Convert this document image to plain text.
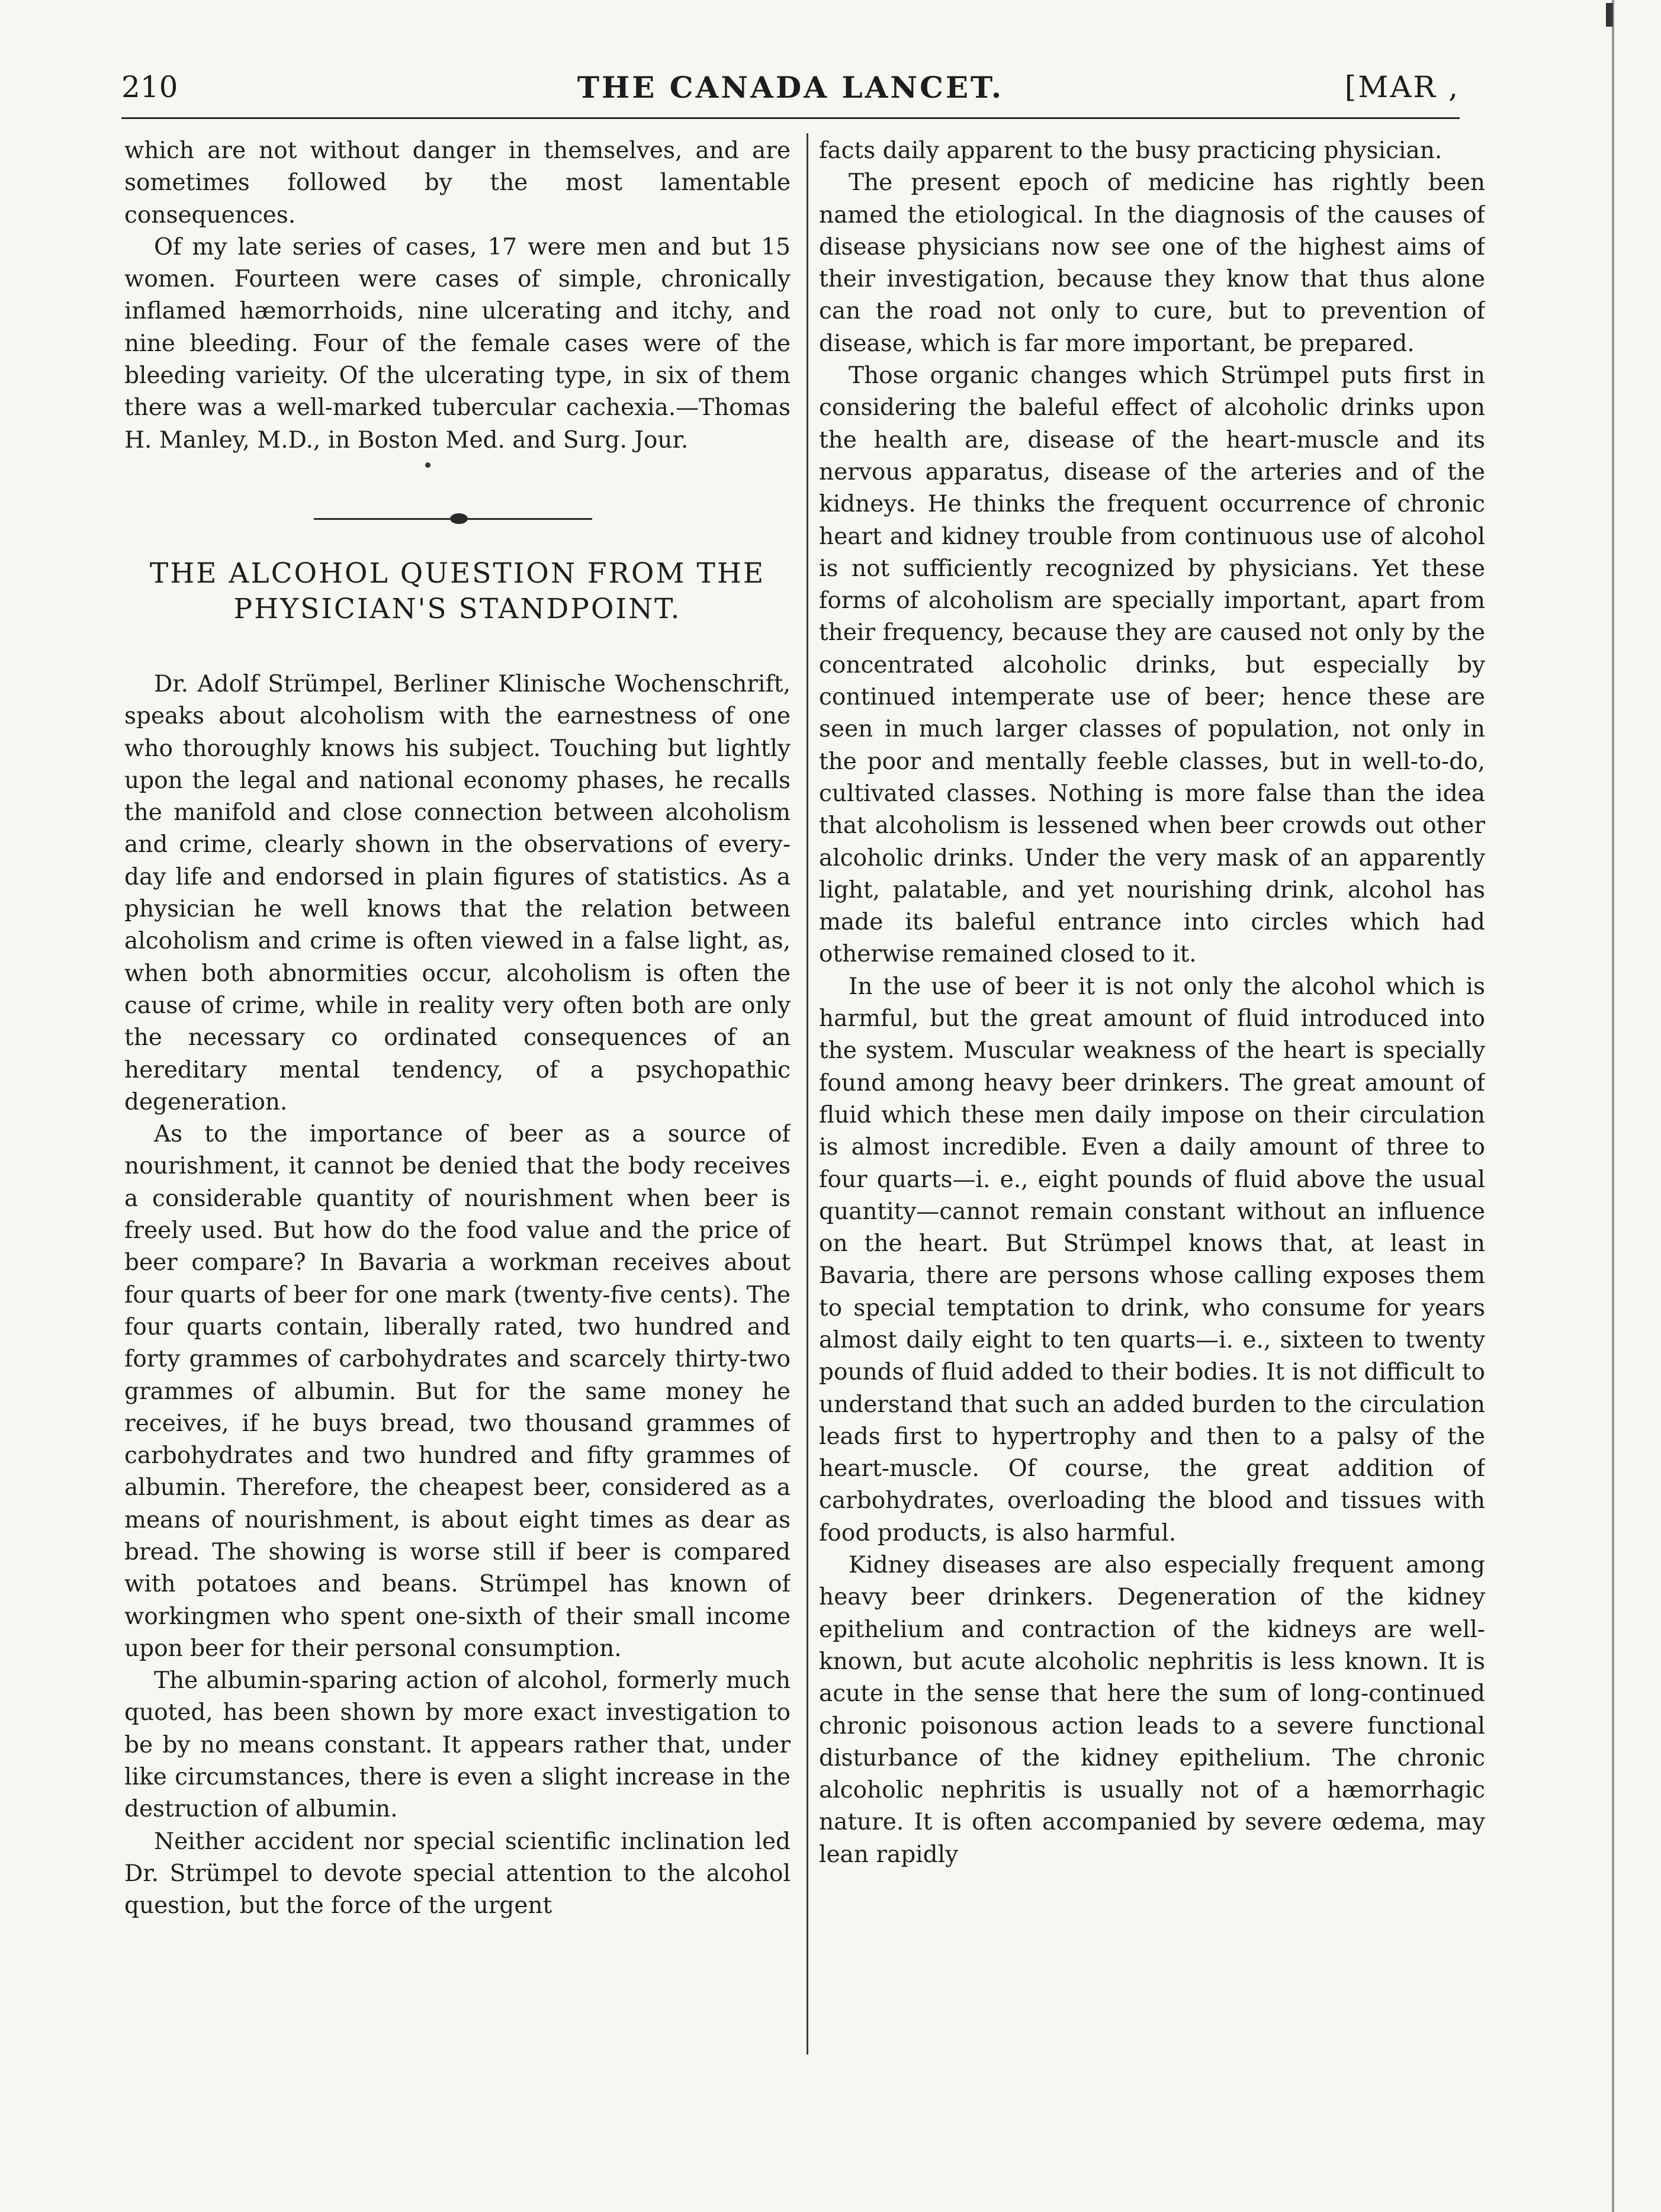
210	THE CANADA LANCET.	[MAR ,

which are not without danger in themselves, and are sometimes followed by the most lamentable consequences.

Of my late series of cases, 17 were men and but 15 women. Fourteen were cases of simple, chronically inflamed hæmorrhoids, nine ulcerating and itchy, and nine bleeding. Four of the female cases were of the bleeding varieity. Of the ulcerating type, in six of them there was a well-marked tubercular cachexia.—Thomas H. Manley, M.D., in Boston Med. and Surg. Jour.

THE ALCOHOL QUESTION FROM THE PHYSICIAN'S STANDPOINT.

Dr. Adolf Strümpel, Berliner Klinische Wochenschrift, speaks about alcoholism with the earnestness of one who thoroughly knows his subject. Touching but lightly upon the legal and national economy phases, he recalls the manifold and close connection between alcoholism and crime, clearly shown in the observations of every-day life and endorsed in plain figures of statistics. As a physician he well knows that the relation between alcoholism and crime is often viewed in a false light, as, when both abnormities occur, alcoholism is often the cause of crime, while in reality very often both are only the necessary co ordinated consequences of an hereditary mental tendency, of a psychopathic degeneration.

As to the importance of beer as a source of nourishment, it cannot be denied that the body receives a considerable quantity of nourishment when beer is freely used. But how do the food value and the price of beer compare? In Bavaria a workman receives about four quarts of beer for one mark (twenty-five cents). The four quarts contain, liberally rated, two hundred and forty grammes of carbohydrates and scarcely thirty-two grammes of albumin. But for the same money he receives, if he buys bread, two thousand grammes of carbohydrates and two hundred and fifty grammes of albumin. Therefore, the cheapest beer, considered as a means of nourishment, is about eight times as dear as bread. The showing is worse still if beer is compared with potatoes and beans. Strümpel has known of workingmen who spent one-sixth of their small income upon beer for their personal consumption.

The albumin-sparing action of alcohol, formerly much quoted, has been shown by more exact investigation to be by no means constant. It appears rather that, under like circumstances, there is even a slight increase in the destruction of albumin.

Neither accident nor special scientific inclination led Dr. Strümpel to devote special attention to the alcohol question, but the force of the urgent

facts daily apparent to the busy practicing physician.

The present epoch of medicine has rightly been named the etiological. In the diagnosis of the causes of disease physicians now see one of the highest aims of their investigation, because they know that thus alone can the road not only to cure, but to prevention of disease, which is far more important, be prepared.

Those organic changes which Strümpel puts first in considering the baleful effect of alcoholic drinks upon the health are, disease of the heart-muscle and its nervous apparatus, disease of the arteries and of the kidneys. He thinks the frequent occurrence of chronic heart and kidney trouble from continuous use of alcohol is not sufficiently recognized by physicians. Yet these forms of alcoholism are specially important, apart from their frequency, because they are caused not only by the concentrated alcoholic drinks, but especially by continued intemperate use of beer; hence these are seen in much larger classes of population, not only in the poor and mentally feeble classes, but in well-to-do, cultivated classes. Nothing is more false than the idea that alcoholism is lessened when beer crowds out other alcoholic drinks. Under the very mask of an apparently light, palatable, and yet nourishing drink, alcohol has made its baleful entrance into circles which had otherwise remained closed to it.

In the use of beer it is not only the alcohol which is harmful, but the great amount of fluid introduced into the system. Muscular weakness of the heart is specially found among heavy beer drinkers. The great amount of fluid which these men daily impose on their circulation is almost incredible. Even a daily amount of three to four quarts—i. e., eight pounds of fluid above the usual quantity—cannot remain constant without an influence on the heart. But Strümpel knows that, at least in Bavaria, there are persons whose calling exposes them to special temptation to drink, who consume for years almost daily eight to ten quarts—i. e., sixteen to twenty pounds of fluid added to their bodies. It is not difficult to understand that such an added burden to the circulation leads first to hypertrophy and then to a palsy of the heart-muscle. Of course, the great addition of carbohydrates, overloading the blood and tissues with food products, is also harmful.

Kidney diseases are also especially frequent among heavy beer drinkers. Degeneration of the kidney epithelium and contraction of the kidneys are well-known, but acute alcoholic nephritis is less known. It is acute in the sense that here the sum of long-continued chronic poisonous action leads to a severe functional disturbance of the kidney epithelium. The chronic alcoholic nephritis is usually not of a hæmorrhagic nature. It is often accompanied by severe œdema, may lean rapidly
